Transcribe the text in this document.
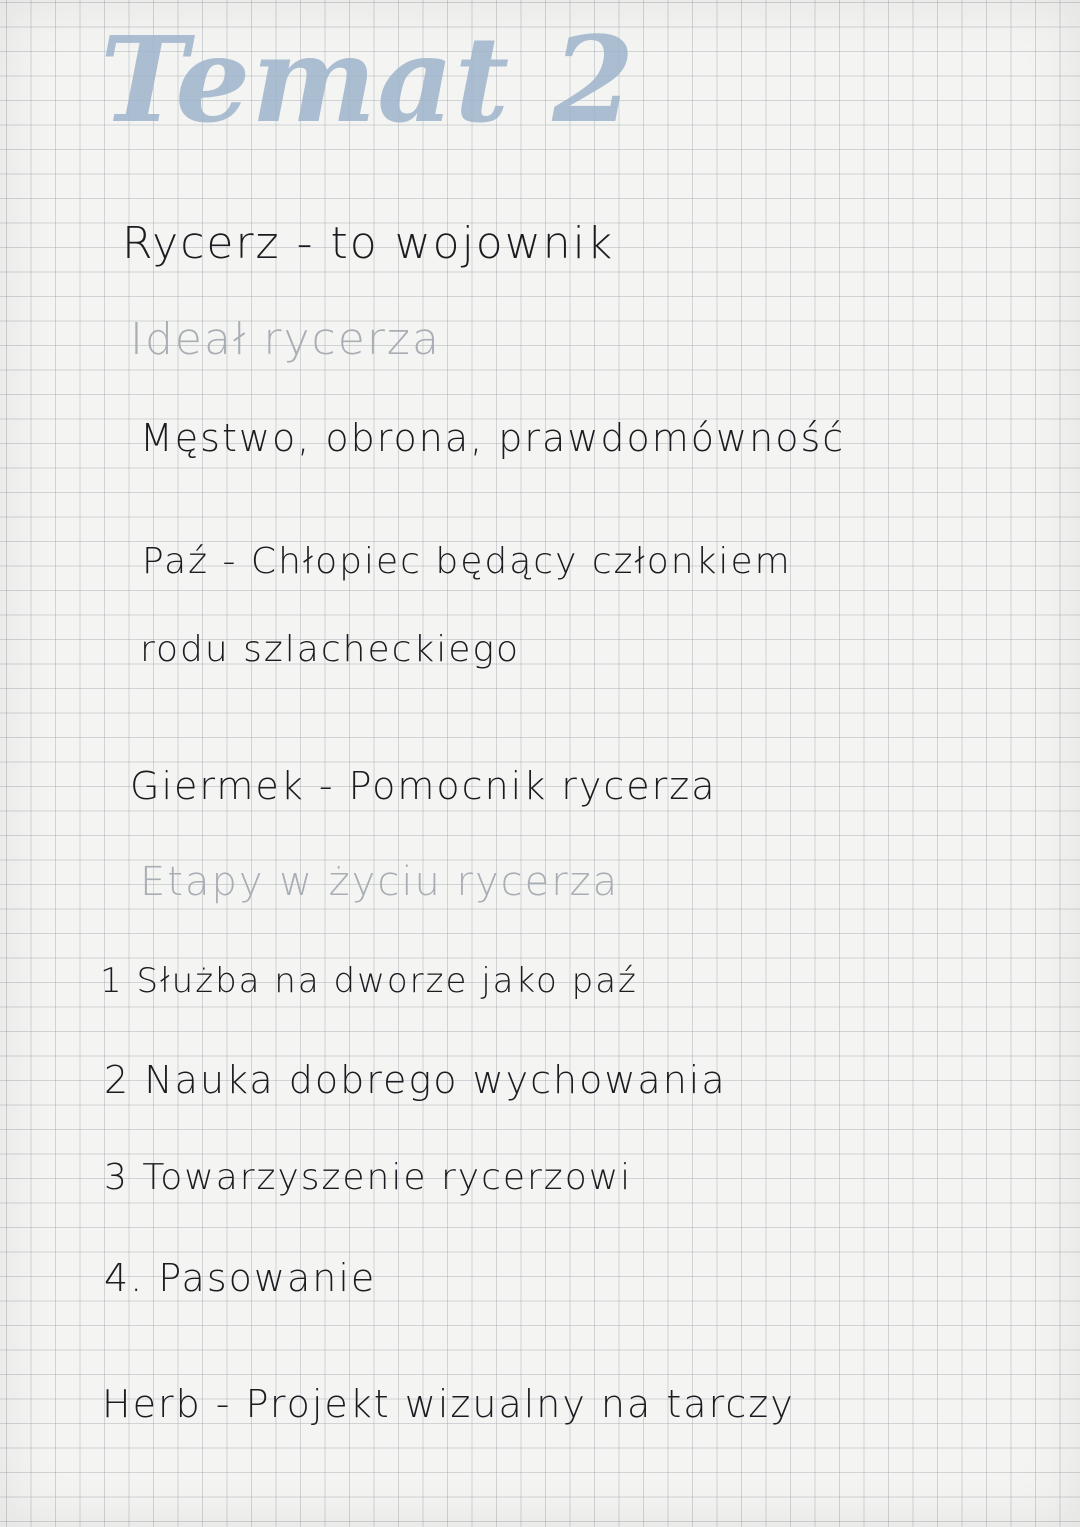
Temat 2
Rycerz - to wojownik
Ideał rycerza
Męstwo, obrona, prawdomówność
Paź - Chłopiec będący członkiem
rodu szlacheckiego
Giermek - Pomocnik rycerza
Etapy w życiu rycerza
1 Służba na dworze jako paź
2 Nauka dobrego wychowania
3 Towarzyszenie rycerzowi
4. Pasowanie
Herb - Projekt wizualny na tarczy
